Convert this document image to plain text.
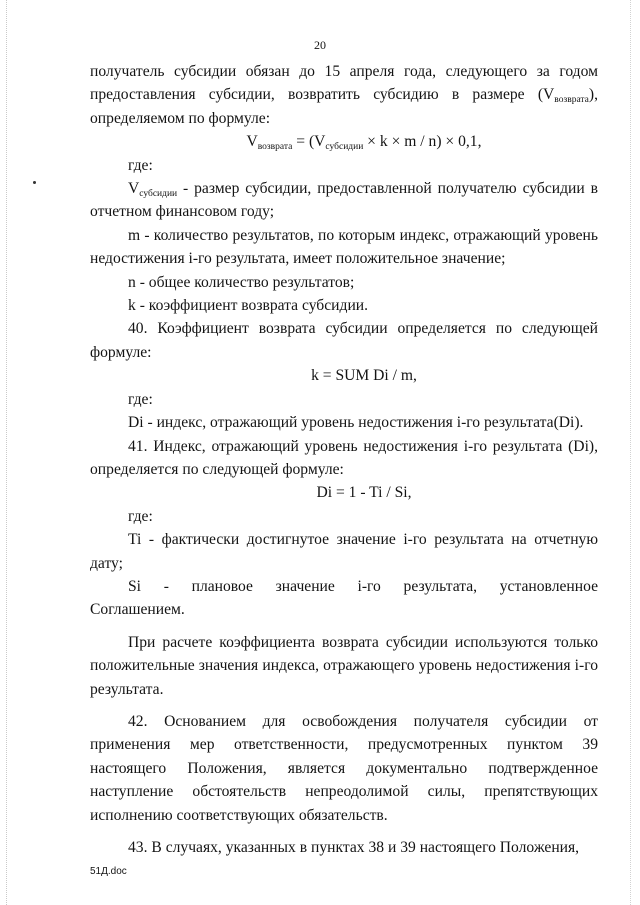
20

получатель субсидии обязан до 15 апреля года, следующего за годом предоставления субсидии, возвратить субсидию в размере $(V_{возврата})$, определяемом по формуле:

$V_{возврата} = (V_{субсидии} \times k \times m / n) \times 0,1$,

где:

$V_{субсидии}$ - размер субсидии, предоставленной получателю субсидии в отчетном финансовом году;

m - количество результатов, по которым индекс, отражающий уровень недостижения i-го результата, имеет положительное значение;

n - общее количество результатов;

k - коэффициент возврата субсидии.

40. Коэффициент возврата субсидии определяется по следующей формуле:

k = SUM Di / m,

где:

Di - индекс, отражающий уровень недостижения i-го результата(Di).

41. Индекс, отражающий уровень недостижения i-го результата (Di), определяется по следующей формуле:

Di = 1 - Ti / Si,

где:

Ti - фактически достигнутое значение i-го результата на отчетную дату;

Si - плановое значение i-го результата, установленное

Соглашением.

При расчете коэффициента возврата субсидии используются только положительные значения индекса, отражающего уровень недостижения i-го результата.

42. Основанием для освобождения получателя субсидии от применения мер ответственности, предусмотренных пунктом 39 настоящего Положения, является документально подтвержденное наступление обстоятельств непреодолимой силы, препятствующих исполнению соответствующих обязательств.

43. В случаях, указанных в пунктах 38 и 39 настоящего Положения,

51Д.doc
